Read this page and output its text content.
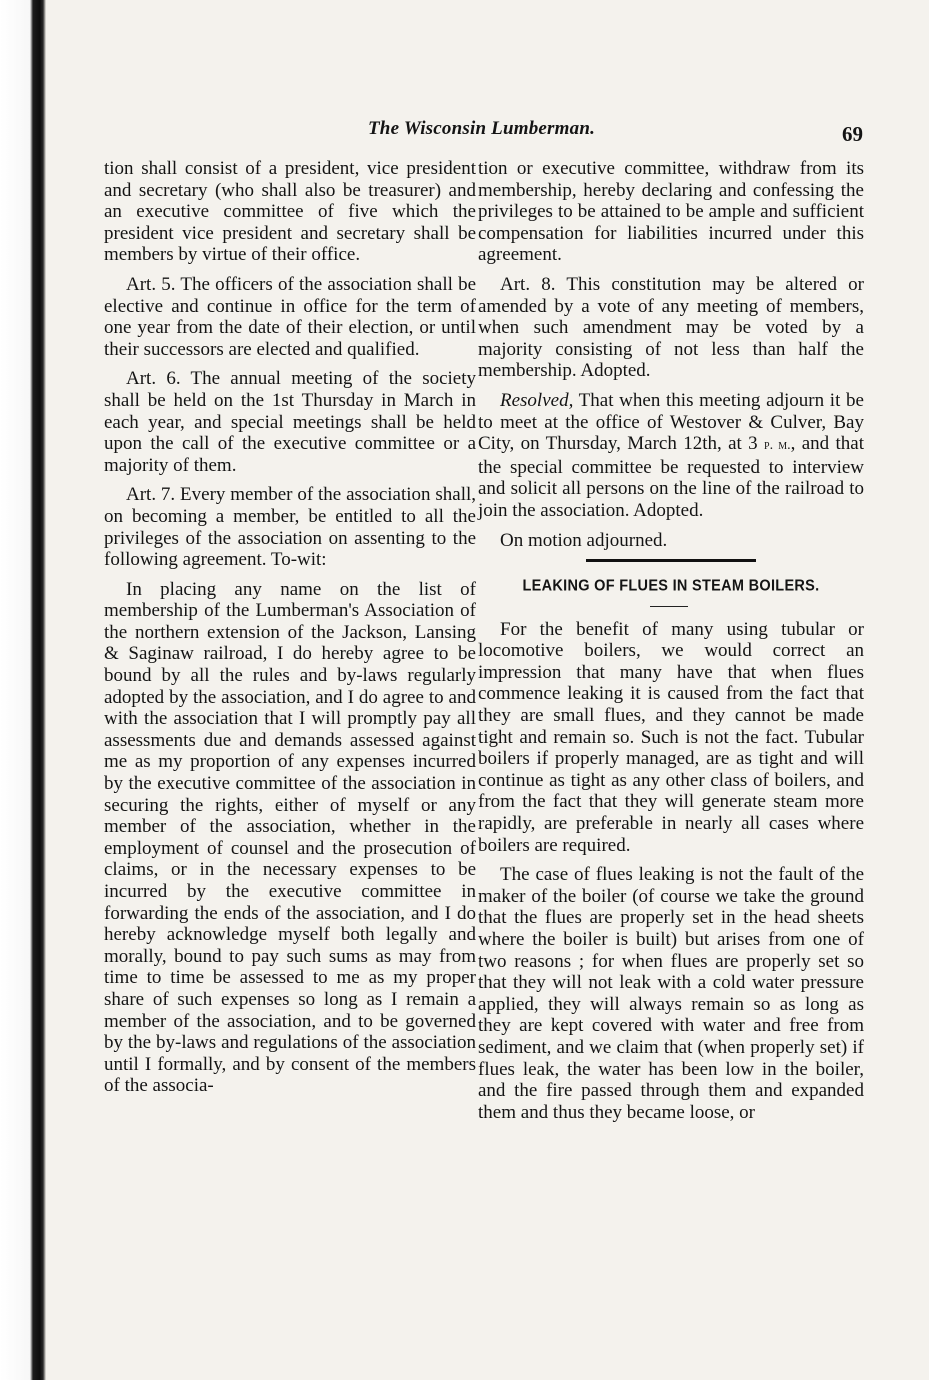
The Wisconsin Lumberman.	69

tion shall consist of a president, vice president and secretary (who shall also be treasurer) and an executive committee of five which the president vice president and secretary shall be members by virtue of their office.

Art. 5. The officers of the association shall be elective and continue in office for the term of one year from the date of their election, or until their successors are elected and qualified.

Art. 6. The annual meeting of the society shall be held on the 1st Thursday in March in each year, and special meetings shall be held upon the call of the executive committee or a majority of them.

Art. 7. Every member of the association shall, on becoming a member, be entitled to all the privileges of the association on assenting to the following agreement. To-wit:

In placing any name on the list of membership of the Lumberman's Association of the northern extension of the Jackson, Lansing & Saginaw railroad, I do hereby agree to be bound by all the rules and by-laws regularly adopted by the association, and I do agree to and with the association that I will promptly pay all assessments due and demands assessed against me as my proportion of any expenses incurred by the executive committee of the association in securing the rights, either of myself or any member of the association, whether in the employment of counsel and the prosecution of claims, or in the necessary expenses to be incurred by the executive committee in forwarding the ends of the association, and I do hereby acknowledge myself both legally and morally, bound to pay such sums as may from time to time be assessed to me as my proper share of such expenses so long as I remain a member of the association, and to be governed by the by-laws and regulations of the association until I formally, and by consent of the members of the associa-

tion or executive committee, withdraw from its membership, hereby declaring and confessing the privileges to be attained to be ample and sufficient compensation for liabilities incurred under this agreement.

Art. 8. This constitution may be altered or amended by a vote of any meeting of members, when such amendment may be voted by a majority consisting of not less than half the membership. Adopted.

Resolved, That when this meeting adjourn it be to meet at the office of Westover & Culver, Bay City, on Thursday, March 12th, at 3 p. m., and that the special committee be requested to interview and solicit all persons on the line of the railroad to join the association. Adopted.

On motion adjourned.

LEAKING OF FLUES IN STEAM BOILERS.

For the benefit of many using tubular or locomotive boilers, we would correct an impression that many have that when flues commence leaking it is caused from the fact that they are small flues, and they cannot be made tight and remain so. Such is not the fact. Tubular boilers if properly managed, are as tight and will continue as tight as any other class of boilers, and from the fact that they will generate steam more rapidly, are preferable in nearly all cases where boilers are required.

The case of flues leaking is not the fault of the maker of the boiler (of course we take the ground that the flues are properly set in the head sheets where the boiler is built) but arises from one of two reasons ; for when flues are properly set so that they will not leak with a cold water pressure applied, they will always remain so as long as they are kept covered with water and free from sediment, and we claim that (when properly set) if flues leak, the water has been low in the boiler, and the fire passed through them and expanded them and thus they became loose, or
